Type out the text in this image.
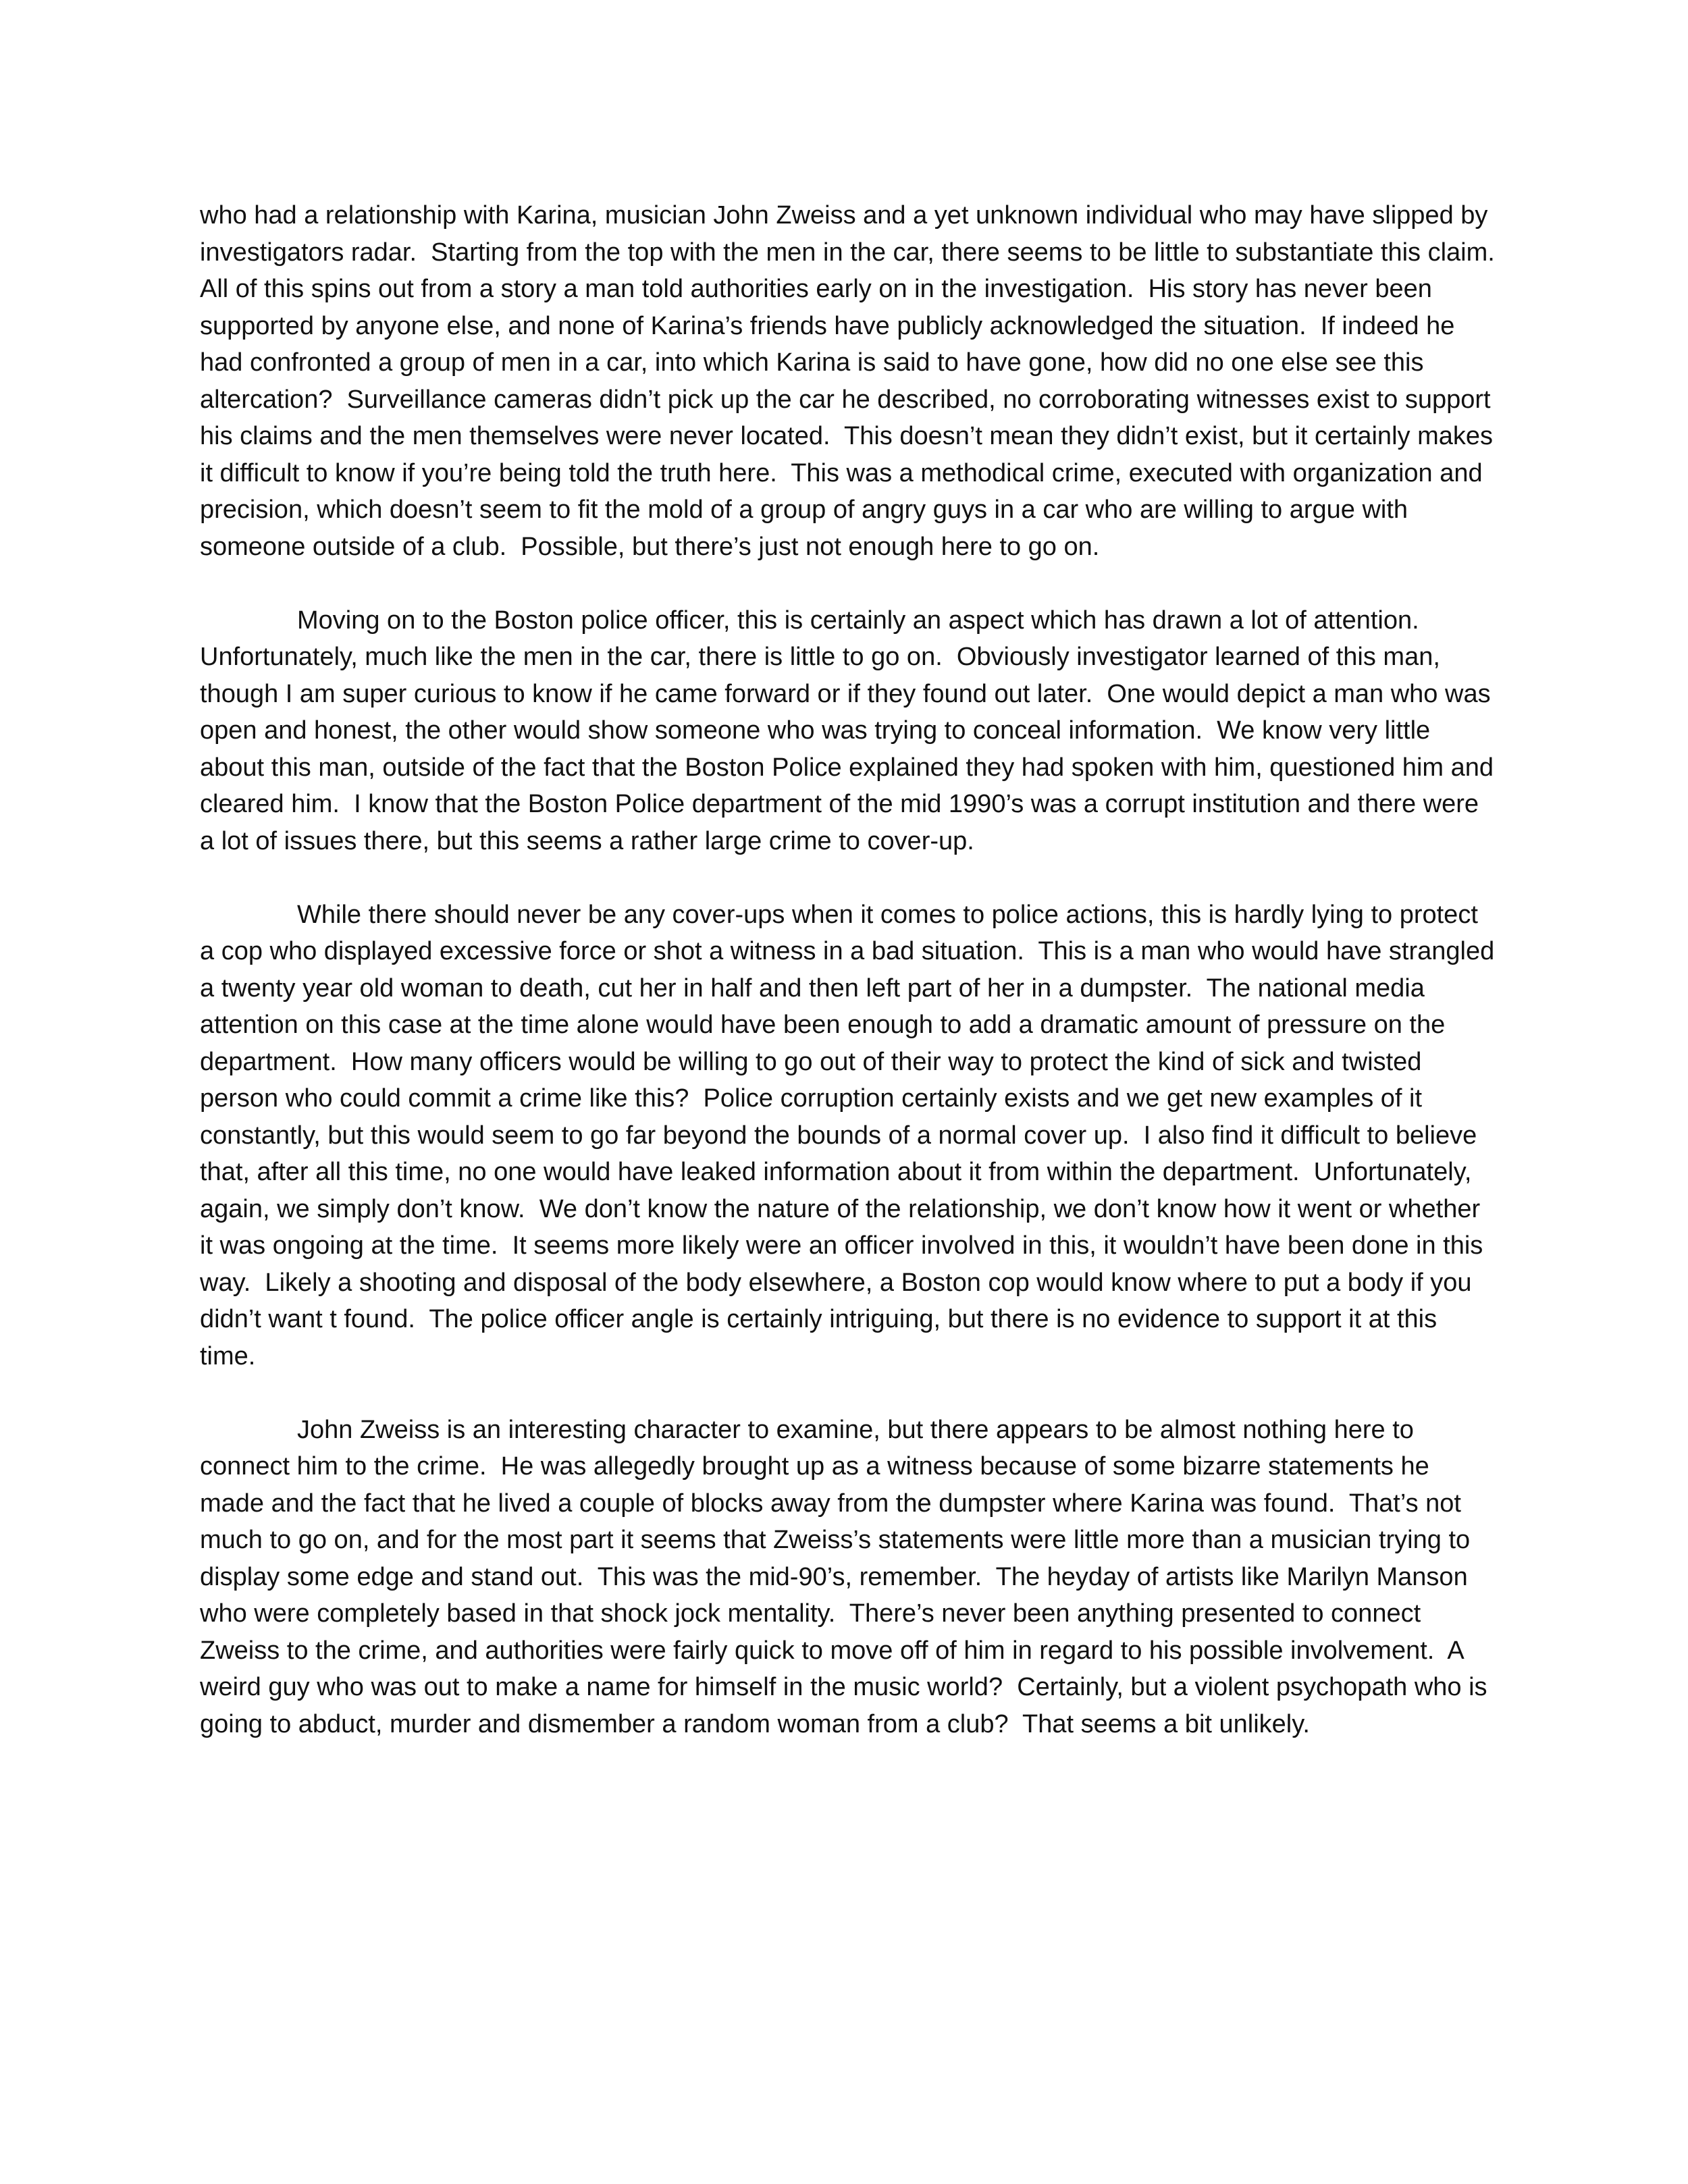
who had a relationship with Karina, musician John Zweiss and a yet unknown individual who may have slipped by investigators radar.  Starting from the top with the men in the car, there seems to be little to substantiate this claim.  All of this spins out from a story a man told authorities early on in the investigation.  His story has never been supported by anyone else, and none of Karina’s friends have publicly acknowledged the situation.  If indeed he had confronted a group of men in a car, into which Karina is said to have gone, how did no one else see this altercation?  Surveillance cameras didn’t pick up the car he described, no corroborating witnesses exist to support his claims and the men themselves were never located.  This doesn’t mean they didn’t exist, but it certainly makes it difficult to know if you’re being told the truth here.  This was a methodical crime, executed with organization and precision, which doesn’t seem to fit the mold of a group of angry guys in a car who are willing to argue with someone outside of a club.  Possible, but there’s just not enough here to go on.

Moving on to the Boston police officer, this is certainly an aspect which has drawn a lot of attention.  Unfortunately, much like the men in the car, there is little to go on.  Obviously investigator learned of this man, though I am super curious to know if he came forward or if they found out later.  One would depict a man who was open and honest, the other would show someone who was trying to conceal information.  We know very little about this man, outside of the fact that the Boston Police explained they had spoken with him, questioned him and cleared him.  I know that the Boston Police department of the mid 1990’s was a corrupt institution and there were a lot of issues there, but this seems a rather large crime to cover-up.

While there should never be any cover-ups when it comes to police actions, this is hardly lying to protect a cop who displayed excessive force or shot a witness in a bad situation.  This is a man who would have strangled a twenty year old woman to death, cut her in half and then left part of her in a dumpster.  The national media attention on this case at the time alone would have been enough to add a dramatic amount of pressure on the department.  How many officers would be willing to go out of their way to protect the kind of sick and twisted person who could commit a crime like this?  Police corruption certainly exists and we get new examples of it constantly, but this would seem to go far beyond the bounds of a normal cover up.  I also find it difficult to believe that, after all this time, no one would have leaked information about it from within the department.  Unfortunately, again, we simply don’t know.  We don’t know the nature of the relationship, we don’t know how it went or whether it was ongoing at the time.  It seems more likely were an officer involved in this, it wouldn’t have been done in this way.  Likely a shooting and disposal of the body elsewhere, a Boston cop would know where to put a body if you didn’t want t found.  The police officer angle is certainly intriguing, but there is no evidence to support it at this time.

John Zweiss is an interesting character to examine, but there appears to be almost nothing here to connect him to the crime.  He was allegedly brought up as a witness because of some bizarre statements he made and the fact that he lived a couple of blocks away from the dumpster where Karina was found.  That’s not much to go on, and for the most part it seems that Zweiss’s statements were little more than a musician trying to display some edge and stand out.  This was the mid-90’s, remember.  The heyday of artists like Marilyn Manson who were completely based in that shock jock mentality.  There’s never been anything presented to connect Zweiss to the crime, and authorities were fairly quick to move off of him in regard to his possible involvement.  A weird guy who was out to make a name for himself in the music world?  Certainly, but a violent psychopath who is going to abduct, murder and dismember a random woman from a club?  That seems a bit unlikely.
